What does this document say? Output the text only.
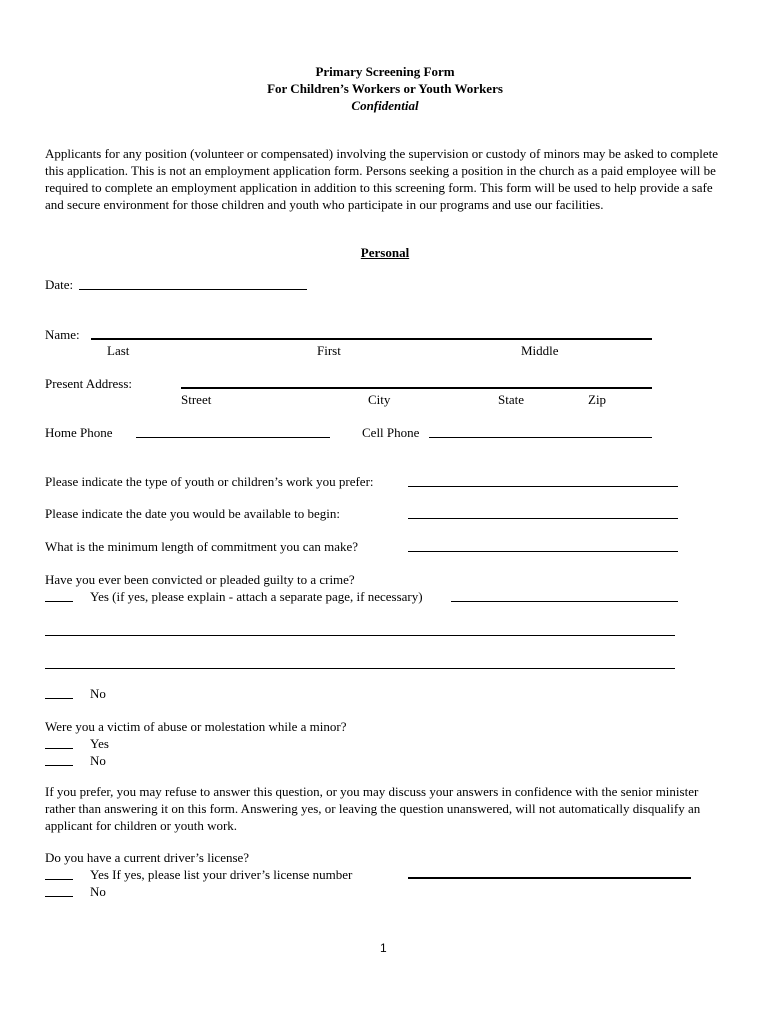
Primary Screening Form
For Children’s Workers or Youth Workers
Confidential
Applicants for any position (volunteer or compensated) involving the supervision or custody of minors may be asked to complete this application. This is not an employment application form. Persons seeking a position in the church as a paid employee will be required to complete an employment application in addition to this screening form. This form will be used to help provide a safe and secure environment for those children and youth who participate in our programs and use our facilities.
Personal
Date:
Name:
Last	First	Middle
Present Address:
Street	City	State	Zip
Home Phone	Cell Phone
Please indicate the type of youth or children’s work you prefer:
Please indicate the date you would be available to begin:
What is the minimum length of commitment you can make?
Have you ever been convicted or pleaded guilty to a crime?
Yes (if yes, please explain - attach a separate page, if necessary)
No
Were you a victim of abuse or molestation while a minor?
Yes
No
If you prefer, you may refuse to answer this question, or you may discuss your answers in confidence with the senior minister rather than answering it on this form. Answering yes, or leaving the question unanswered, will not automatically disqualify an applicant for children or youth work.
Do you have a current driver’s license?
Yes If yes, please list your driver’s license number
No
1
